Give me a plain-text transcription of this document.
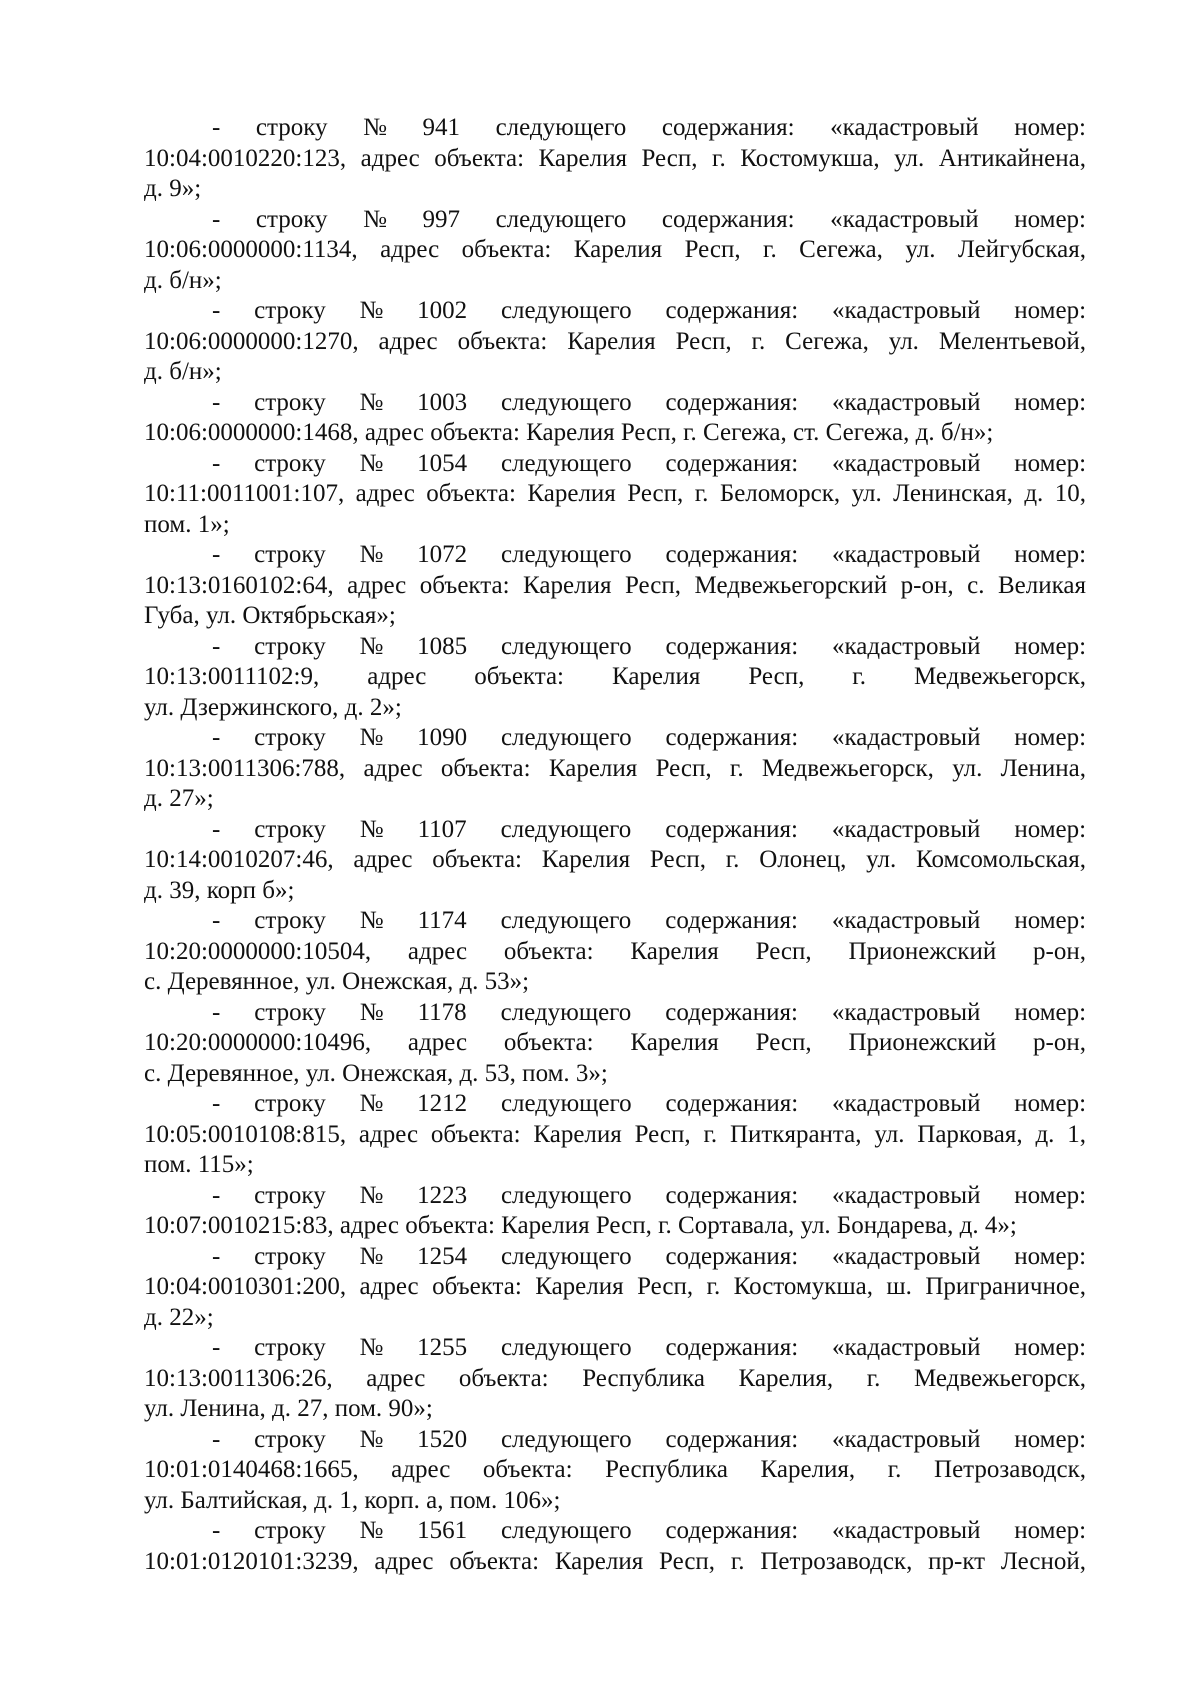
- строку № 941 следующего содержания: «кадастровый номер:
10:04:0010220:123, адрес объекта: Карелия Респ, г. Костомукша, ул. Антикайнена,
д. 9»;
- строку № 997 следующего содержания: «кадастровый номер:
10:06:0000000:1134, адрес объекта: Карелия Респ, г. Сегежа, ул. Лейгубская,
д. б/н»;
- строку № 1002 следующего содержания: «кадастровый номер:
10:06:0000000:1270, адрес объекта: Карелия Респ, г. Сегежа, ул. Мелентьевой,
д. б/н»;
- строку № 1003 следующего содержания: «кадастровый номер:
10:06:0000000:1468, адрес объекта: Карелия Респ, г. Сегежа, ст. Сегежа, д. б/н»;
- строку № 1054 следующего содержания: «кадастровый номер:
10:11:0011001:107, адрес объекта: Карелия Респ, г. Беломорск, ул. Ленинская, д. 10,
пом. 1»;
- строку № 1072 следующего содержания: «кадастровый номер:
10:13:0160102:64, адрес объекта: Карелия Респ, Медвежьегорский р-он, с. Великая
Губа, ул. Октябрьская»;
- строку № 1085 следующего содержания: «кадастровый номер:
10:13:0011102:9, адрес объекта: Карелия Респ, г. Медвежьегорск,
ул. Дзержинского, д. 2»;
- строку № 1090 следующего содержания: «кадастровый номер:
10:13:0011306:788, адрес объекта: Карелия Респ, г. Медвежьегорск, ул. Ленина,
д. 27»;
- строку № 1107 следующего содержания: «кадастровый номер:
10:14:0010207:46, адрес объекта: Карелия Респ, г. Олонец, ул. Комсомольская,
д. 39, корп б»;
- строку № 1174 следующего содержания: «кадастровый номер:
10:20:0000000:10504, адрес объекта: Карелия Респ, Прионежский р-он,
с. Деревянное, ул. Онежская, д. 53»;
- строку № 1178 следующего содержания: «кадастровый номер:
10:20:0000000:10496, адрес объекта: Карелия Респ, Прионежский р-он,
с. Деревянное, ул. Онежская, д. 53, пом. 3»;
- строку № 1212 следующего содержания: «кадастровый номер:
10:05:0010108:815, адрес объекта: Карелия Респ, г. Питкяранта, ул. Парковая, д. 1,
пом. 115»;
- строку № 1223 следующего содержания: «кадастровый номер:
10:07:0010215:83, адрес объекта: Карелия Респ, г. Сортавала, ул. Бондарева, д. 4»;
- строку № 1254 следующего содержания: «кадастровый номер:
10:04:0010301:200, адрес объекта: Карелия Респ, г. Костомукша, ш. Приграничное,
д. 22»;
- строку № 1255 следующего содержания: «кадастровый номер:
10:13:0011306:26, адрес объекта: Республика Карелия, г. Медвежьегорск,
ул. Ленина, д. 27, пом. 90»;
- строку № 1520 следующего содержания: «кадастровый номер:
10:01:0140468:1665, адрес объекта: Республика Карелия, г. Петрозаводск,
ул. Балтийская, д. 1, корп. а, пом. 106»;
- строку № 1561 следующего содержания: «кадастровый номер:
10:01:0120101:3239, адрес объекта: Карелия Респ, г. Петрозаводск, пр-кт Лесной,
